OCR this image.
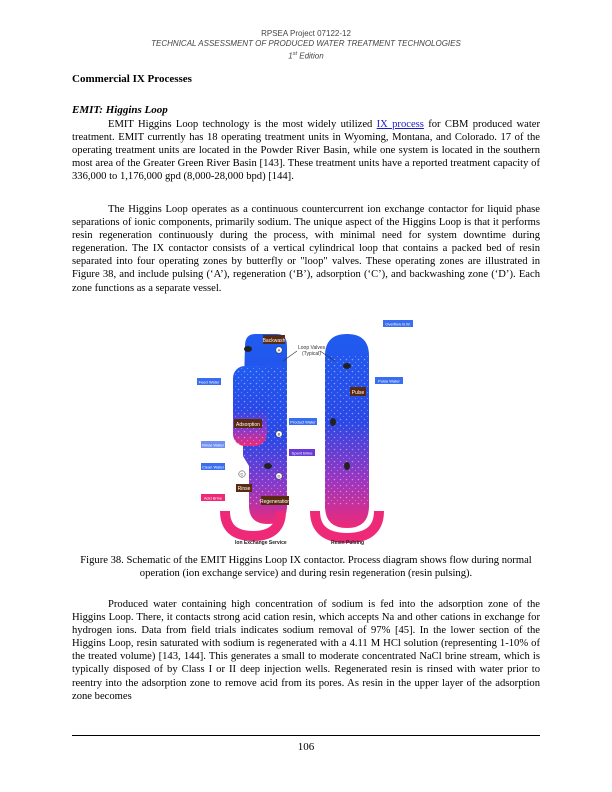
RPSEA Project 07122-12
TECHNICAL ASSESSMENT OF PRODUCED WATER TREATMENT TECHNOLOGIES
1st Edition
Commercial IX Processes
EMIT: Higgins Loop
EMIT Higgins Loop technology is the most widely utilized IX process for CBM produced water treatment. EMIT currently has 18 operating treatment units in Wyoming, Montana, and Colorado. 17 of the operating treatment units are located in the Powder River Basin, while one system is located in the southern most area of the Greater Green River Basin [143]. These treatment units have a reported treatment capacity of 336,000 to 1,176,000 gpd (8,000-28,000 bpd) [144].
The Higgins Loop operates as a continuous countercurrent ion exchange contactor for liquid phase separations of ionic components, primarily sodium. The unique aspect of the Higgins Loop is that it performs resin regeneration continuously during the process, with minimal need for system downtime during regeneration. The IX contactor consists of a vertical cylindrical loop that contains a packed bed of resin separated into four operating zones by butterfly or "loop" valves. These operating zones are illustrated in Figure 38, and include pulsing (‘A’), regeneration (‘B’), adsorption (‘C’), and backwashing zone (‘D’). Each zone functions as a separate vessel.
Backwash
Loop Valves
(Typical)
Adsorption
Rinse
Regeneration
Pulse
Overflow B.W.
Feed Water
Product Water
Spent Brine
Rinse Water
Clean Water
Acid Brine
Pulse Water
A
B
C	D
Ion Exchange Service	Resin Pulsing
Figure 38. Schematic of the EMIT Higgins Loop IX contactor. Process diagram shows flow during normal operation (ion exchange service) and during resin regeneration (resin pulsing).
Produced water containing high concentration of sodium is fed into the adsorption zone of the Higgins Loop. There, it contacts strong acid cation resin, which accepts Na and other cations in exchange for hydrogen ions. Data from field trials indicates sodium removal of 97% [45]. In the lower section of the Higgins Loop, resin saturated with sodium is regenerated with a 4.11 M HCl solution (representing 1-10% of the treated volume) [143, 144]. This generates a small to moderate concentrated NaCl brine stream, which is typically disposed of by Class I or II deep injection wells. Regenerated resin is rinsed with water prior to reentry into the adsorption zone to remove acid from its pores. As resin in the upper layer of the adsorption zone becomes
106
